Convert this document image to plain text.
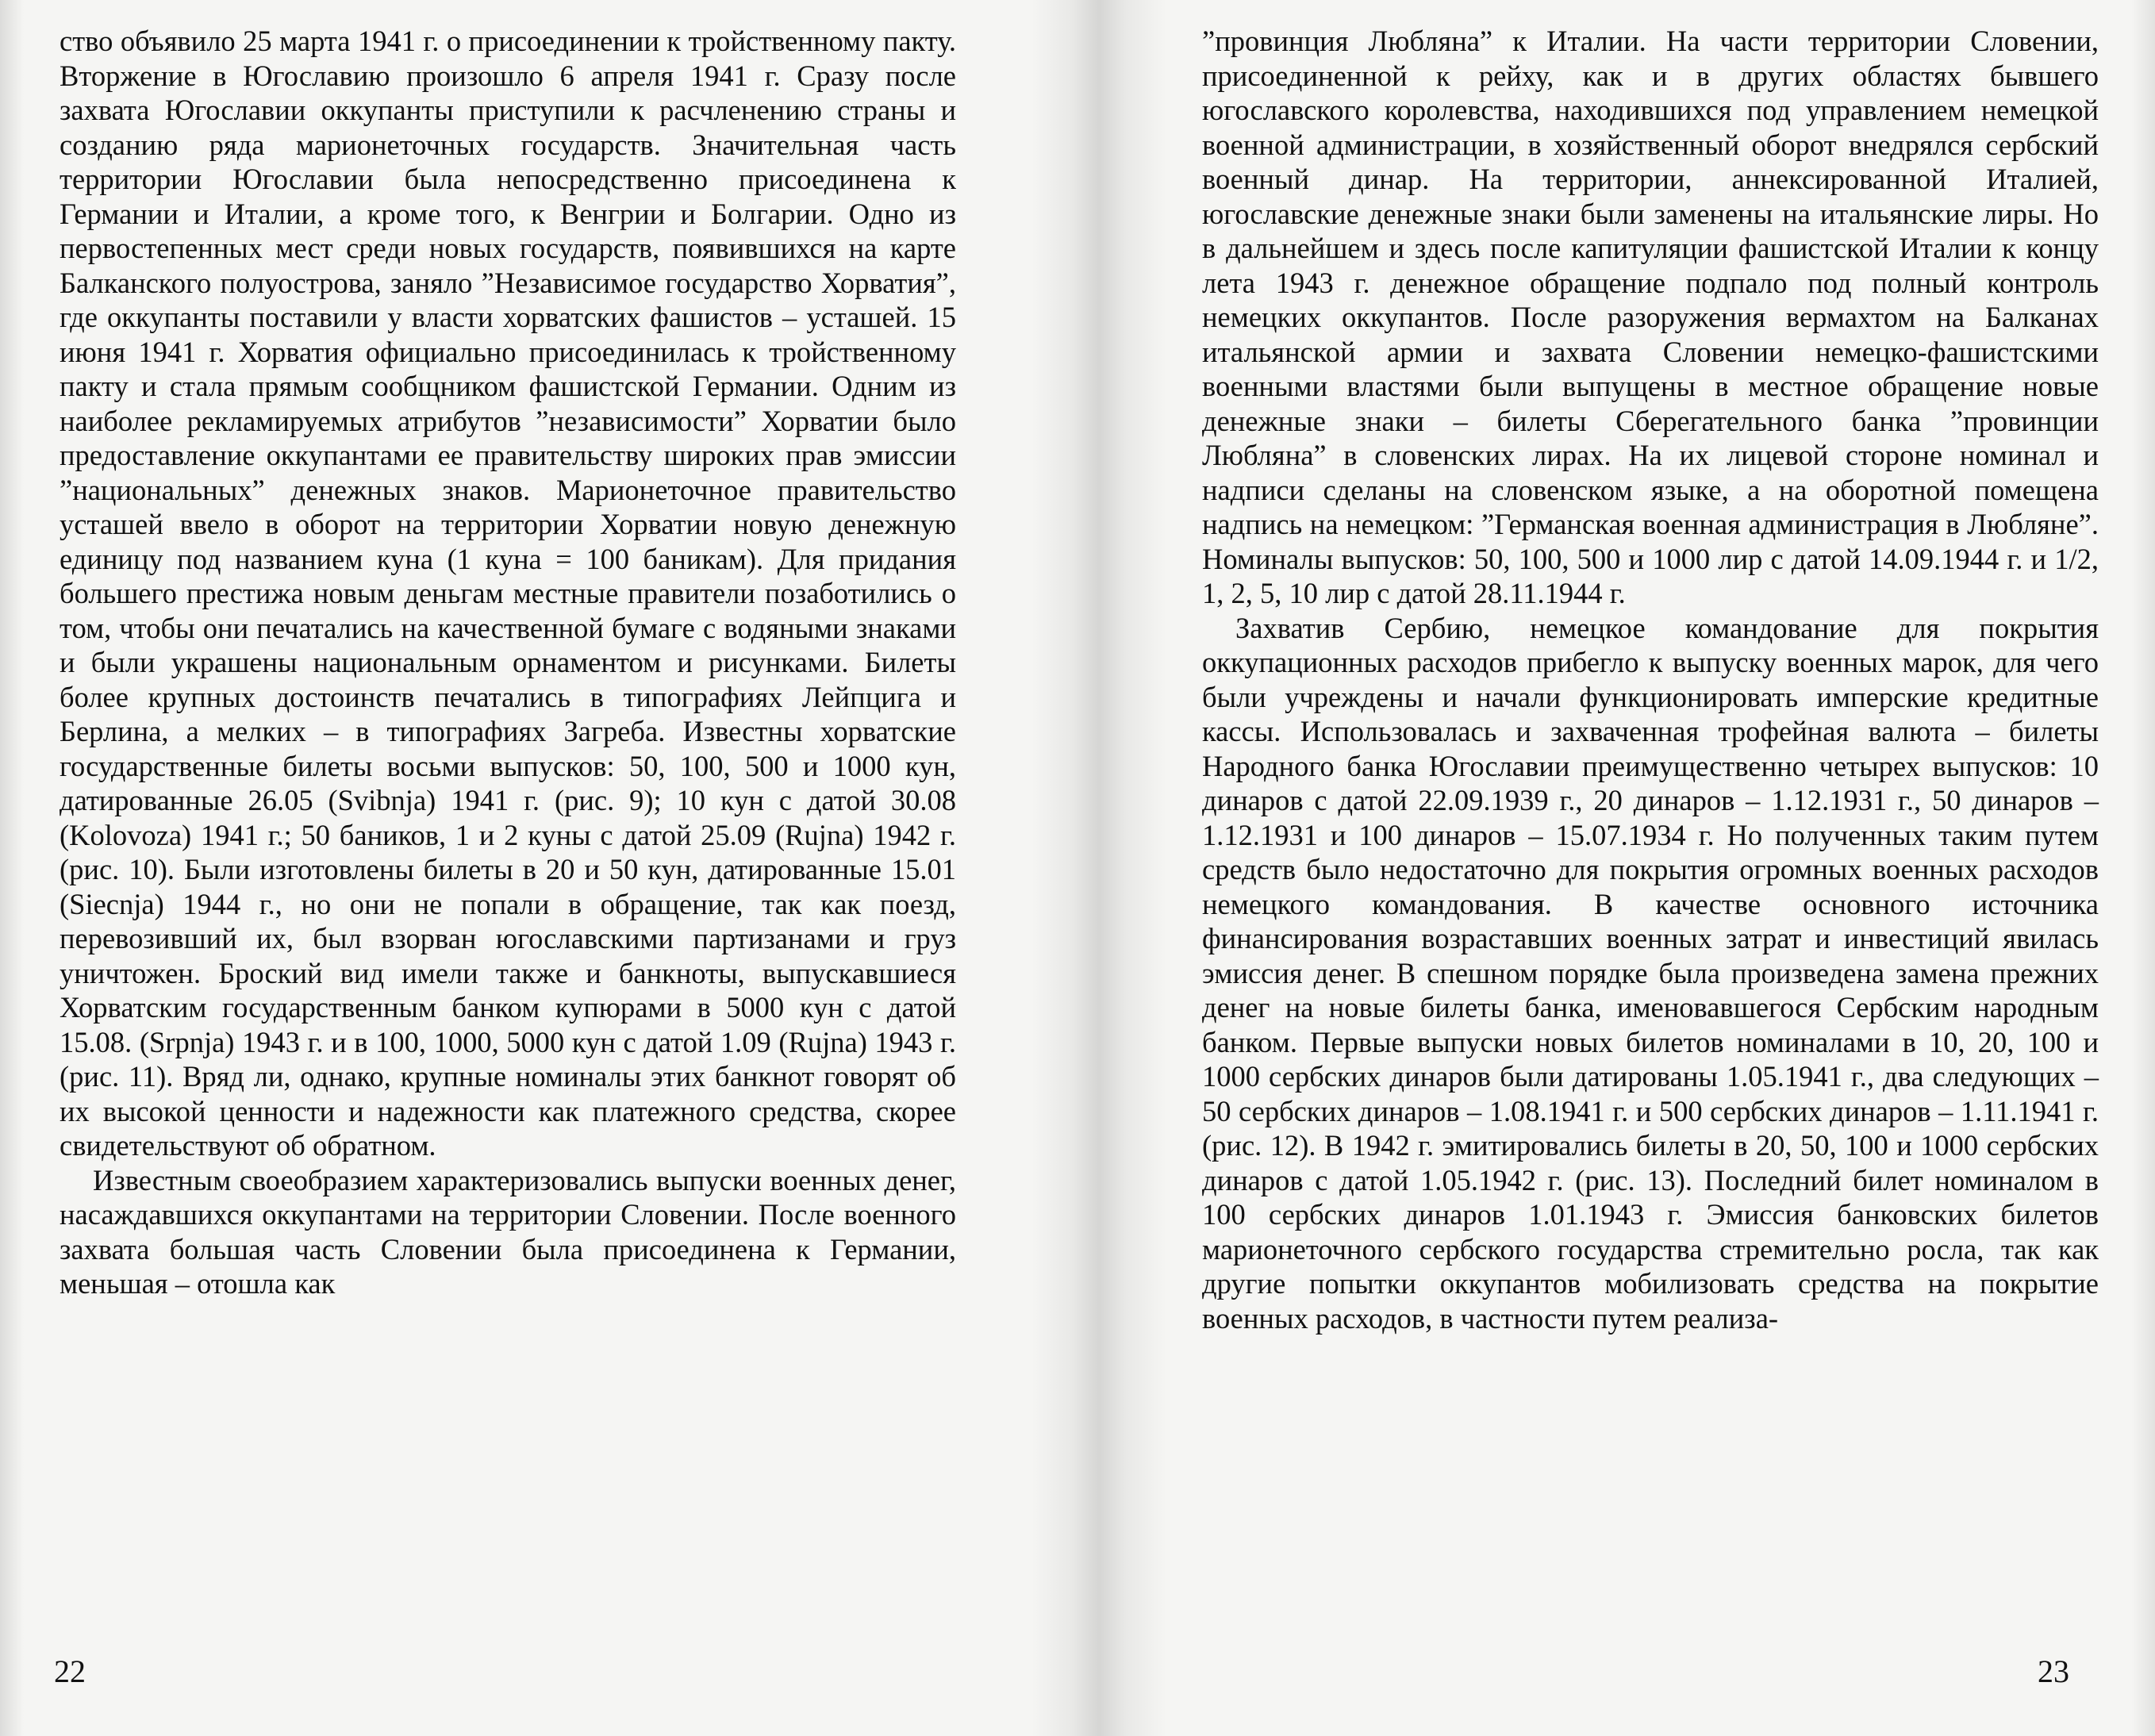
ство объявило 25 марта 1941 г. о присоединении к тройственному пакту. Вторжение в Югославию произошло 6 апреля 1941 г. Сразу после захвата Югославии оккупанты приступили к расчленению страны и созданию ряда марионеточных государств. Значительная часть территории Югославии была непосредственно присоединена к Германии и Италии, а кроме того, к Венгрии и Болгарии. Одно из первостепенных мест среди новых государств, появившихся на карте Балканского полуострова, заняло ”Независимое государство Хорватия”, где оккупанты поставили у власти хорватских фашистов – усташей. 15 июня 1941 г. Хорватия официально присоединилась к тройственному пакту и стала прямым сообщником фашистской Германии. Одним из наиболее рекламируемых атрибутов ”независимости” Хорватии было предоставление оккупантами ее правительству широких прав эмиссии ”национальных” денежных знаков. Марионеточное правительство усташей ввело в оборот на территории Хорватии новую денежную единицу под названием куна (1 куна = 100 баникам). Для придания большего престижа новым деньгам местные правители позаботились о том, чтобы они печатались на качественной бумаге с водяными знаками и были украшены национальным орнаментом и рисунками. Билеты более крупных достоинств печатались в типографиях Лейпцига и Берлина, а мелких – в типографиях Загреба. Известны хорватские государственные билеты восьми выпусков: 50, 100, 500 и 1000 кун, датированные 26.05 (Svibnja) 1941 г. (рис. 9); 10 кун с датой 30.08 (Kolovoza) 1941 г.; 50 баников, 1 и 2 куны с датой 25.09 (Rujna) 1942 г. (рис. 10). Были изготовлены билеты в 20 и 50 кун, датированные 15.01 (Siecnja) 1944 г., но они не попали в обращение, так как поезд, перевозивший их, был взорван югославскими партизанами и груз уничтожен. Броский вид имели также и банкноты, выпускавшиеся Хорватским государственным банком купюрами в 5000 кун с датой 15.08. (Srpnja) 1943 г. и в 100, 1000, 5000 кун с датой 1.09 (Rujna) 1943 г. (рис. 11). Вряд ли, однако, крупные номиналы этих банкнот говорят об их высокой ценности и надежности как платежного средства, скорее свидетельствуют об обратном.

Известным своеобразием характеризовались выпуски военных денег, насаждавшихся оккупантами на территории Словении. После военного захвата большая часть Словении была присоединена к Германии, меньшая – отошла как

”провинция Любляна” к Италии. На части территории Словении, присоединенной к рейху, как и в других областях бывшего югославского королевства, находившихся под управлением немецкой военной администрации, в хозяйственный оборот внедрялся сербский военный динар. На территории, аннексированной Италией, югославские денежные знаки были заменены на итальянские лиры. Но в дальнейшем и здесь после капитуляции фашистской Италии к концу лета 1943 г. денежное обращение подпало под полный контроль немецких оккупантов. После разоружения вермахтом на Балканах итальянской армии и захвата Словении немецко-фашистскими военными властями были выпущены в местное обращение новые денежные знаки – билеты Сберегательного банка ”провинции Любляна” в словенских лирах. На их лицевой стороне номинал и надписи сделаны на словенском языке, а на оборотной помещена надпись на немецком: ”Германская военная администрация в Любляне”. Номиналы выпусков: 50, 100, 500 и 1000 лир с датой 14.09.1944 г. и 1/2, 1, 2, 5, 10 лир с датой 28.11.1944 г.

Захватив Сербию, немецкое командование для покрытия оккупационных расходов прибегло к выпуску военных марок, для чего были учреждены и начали функционировать имперские кредитные кассы. Использовалась и захваченная трофейная валюта – билеты Народного банка Югославии преимущественно четырех выпусков: 10 динаров с датой 22.09.1939 г., 20 динаров – 1.12.1931 г., 50 динаров – 1.12.1931 и 100 динаров – 15.07.1934 г. Но полученных таким путем средств было недостаточно для покрытия огромных военных расходов немецкого командования. В качестве основного источника финансирования возраставших военных затрат и инвестиций явилась эмиссия денег. В спешном порядке была произведена замена прежних денег на новые билеты банка, именовавшегося Сербским народным банком. Первые выпуски новых билетов номиналами в 10, 20, 100 и 1000 сербских динаров были датированы 1.05.1941 г., два следующих – 50 сербских динаров – 1.08.1941 г. и 500 сербских динаров – 1.11.1941 г. (рис. 12). В 1942 г. эмитировались билеты в 20, 50, 100 и 1000 сербских динаров с датой 1.05.1942 г. (рис. 13). Последний билет номиналом в 100 сербских динаров 1.01.1943 г. Эмиссия банковских билетов марионеточного сербского государства стремительно росла, так как другие попытки оккупантов мобилизовать средства на покрытие военных расходов, в частности путем реализа-

22	23
